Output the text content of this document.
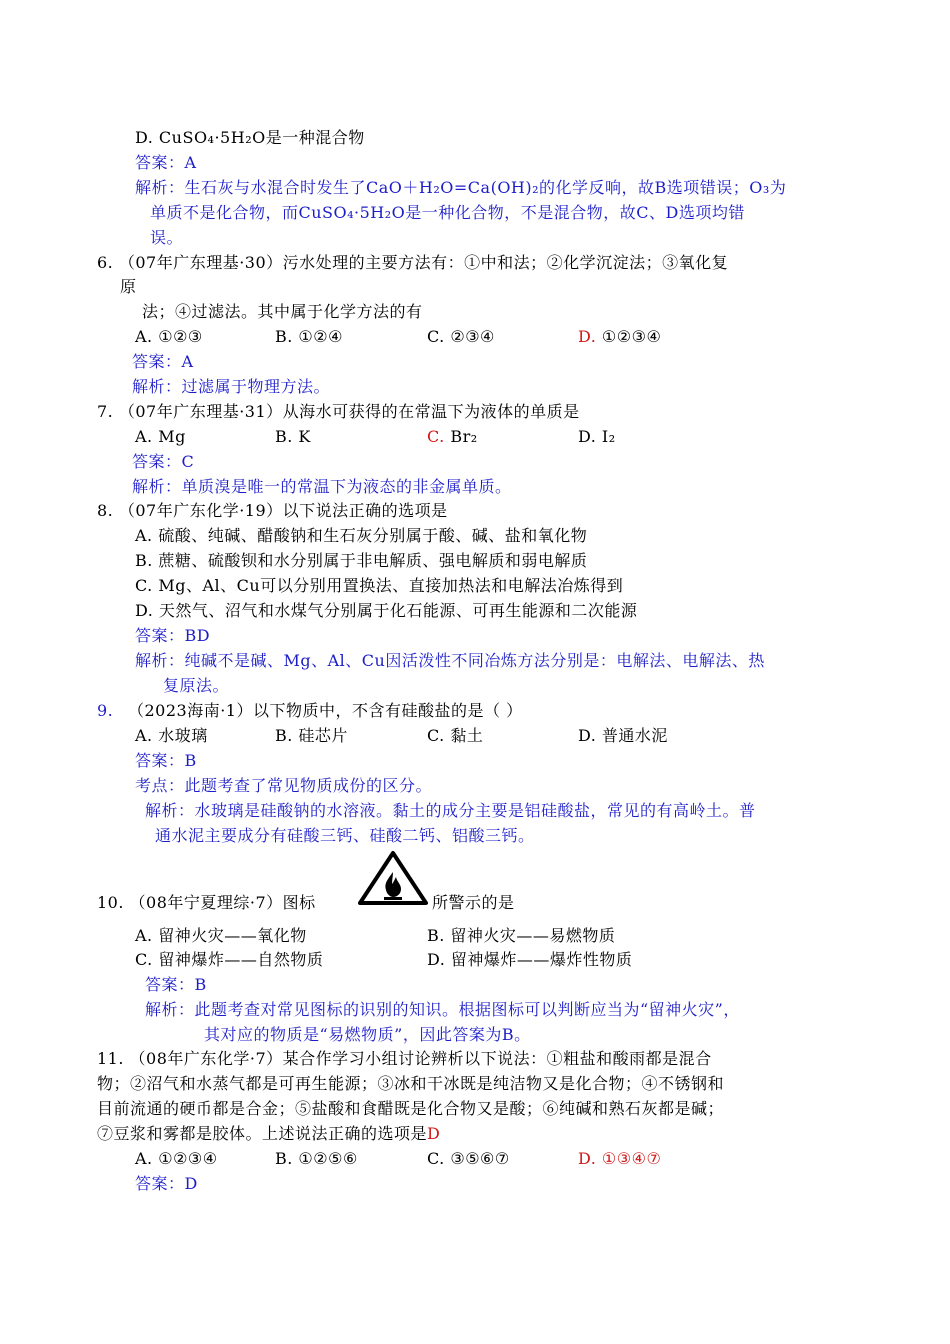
D. CuSO₄·5H₂O是一种混合物
答案：A
解析：生石灰与水混合时发生了CaO＋H₂O=Ca(OH)₂的化学反响，故B选项错误；O₃为
单质不是化合物，而CuSO₄·5H₂O是一种化合物，不是混合物，故C、D选项均错
误。
6. （07年广东理基·30）污水处理的主要方法有：①中和法；②化学沉淀法；③氧化复
原
法；④过滤法。其中属于化学方法的有
A. ①②③	B. ①②④	C. ②③④	D. ①②③④
答案：A
解析：过滤属于物理方法。
7. （07年广东理基·31）从海水可获得的在常温下为液体的单质是
A. Mg	B. K	C. Br₂	D. I₂
答案：C
解析：单质溴是唯一的常温下为液态的非金属单质。
8. （07年广东化学·19）以下说法正确的选项是
A. 硫酸、纯碱、醋酸钠和生石灰分别属于酸、碱、盐和氧化物
B. 蔗糖、硫酸钡和水分别属于非电解质、强电解质和弱电解质
C. Mg、Al、Cu可以分别用置换法、直接加热法和电解法冶炼得到
D. 天然气、沼气和水煤气分别属于化石能源、可再生能源和二次能源
答案：BD
解析：纯碱不是碱、Mg、Al、Cu因活泼性不同冶炼方法分别是：电解法、电解法、热
复原法。
9. （2023海南·1）以下物质中，不含有硅酸盐的是（ ）
A. 水玻璃	B. 硅芯片	C. 黏土	D. 普通水泥
答案：B
考点：此题考查了常见物质成份的区分。
解析：水玻璃是硅酸钠的水溶液。黏土的成分主要是铝硅酸盐，常见的有高岭土。普
通水泥主要成分有硅酸三钙、硅酸二钙、铝酸三钙。
10. （08年宁夏理综·7）图标	所警示的是
A. 留神火灾——氧化物	B. 留神火灾——易燃物质
C. 留神爆炸——自然物质	D. 留神爆炸——爆炸性物质
答案：B
解析：此题考查对常见图标的识别的知识。根据图标可以判断应当为“留神火灾”，
其对应的物质是“易燃物质”，因此答案为B。
11. （08年广东化学·7）某合作学习小组讨论辨析以下说法：①粗盐和酸雨都是混合
物；②沼气和水蒸气都是可再生能源；③冰和干冰既是纯洁物又是化合物；④不锈钢和
目前流通的硬币都是合金；⑤盐酸和食醋既是化合物又是酸；⑥纯碱和熟石灰都是碱；
⑦豆浆和雾都是胶体。上述说法正确的选项是D
A. ①②③④	B. ①②⑤⑥	C. ③⑤⑥⑦	D. ①③④⑦
答案：D
